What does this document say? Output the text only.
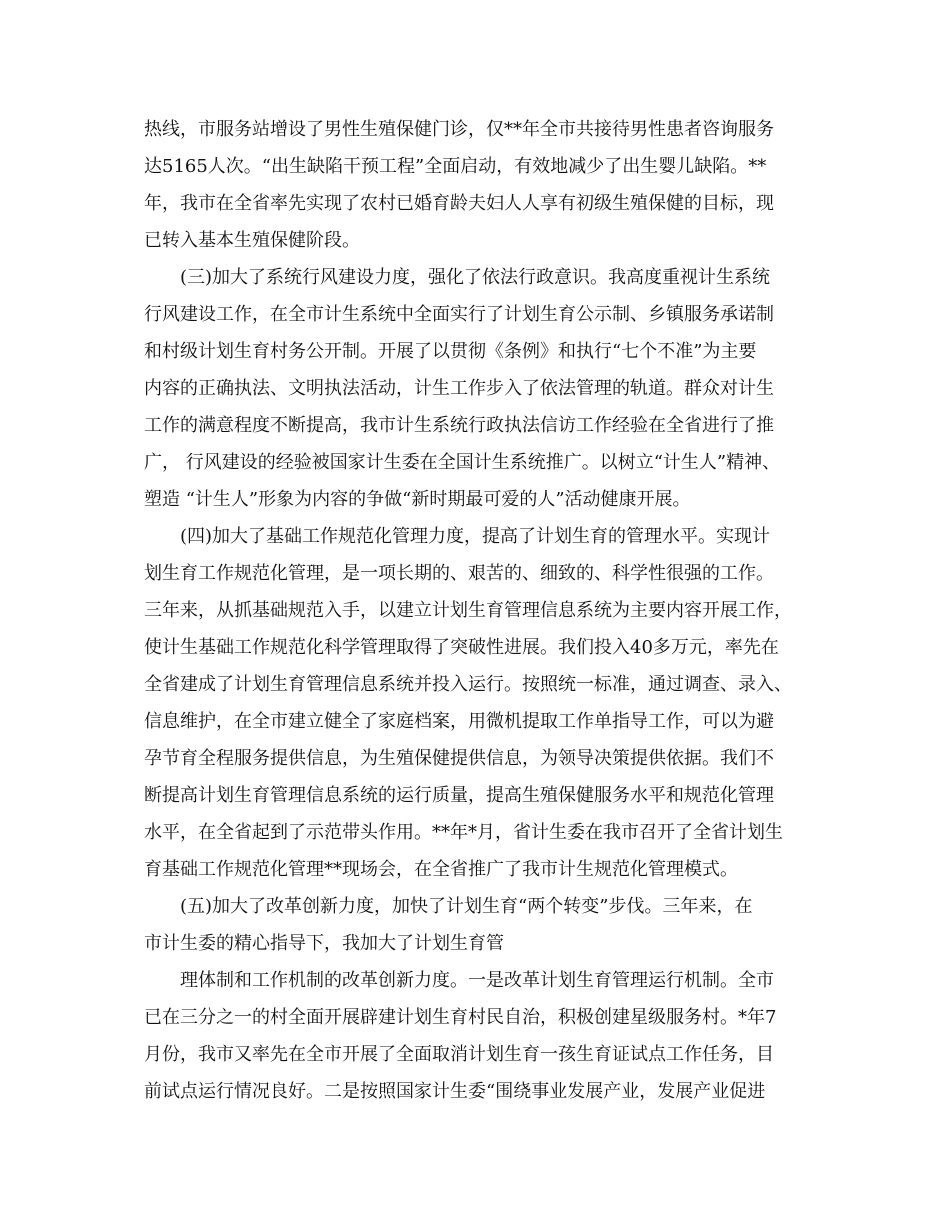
热线，市服务站增设了男性生殖保健门诊，仅**年全市共接待男性患者咨询服务
达5165人次。“出生缺陷干预工程”全面启动，有效地减少了出生婴儿缺陷。**
年，我市在全省率先实现了农村已婚育龄夫妇人人享有初级生殖保健的目标，现
已转入基本生殖保健阶段。
(三)加大了系统行风建设力度，强化了依法行政意识。我高度重视计生系统
行风建设工作，在全市计生系统中全面实行了计划生育公示制、乡镇服务承诺制
和村级计划生育村务公开制。开展了以贯彻《条例》和执行“七个不准”为主要
内容的正确执法、文明执法活动，计生工作步入了依法管理的轨道。群众对计生
工作的满意程度不断提高，我市计生系统行政执法信访工作经验在全省进行了推
广， 行风建设的经验被国家计生委在全国计生系统推广。以树立“计生人”精神、
塑造 “计生人”形象为内容的争做“新时期最可爱的人”活动健康开展。
(四)加大了基础工作规范化管理力度，提高了计划生育的管理水平。实现计
划生育工作规范化管理，是一项长期的、艰苦的、细致的、科学性很强的工作。
三年来，从抓基础规范入手，以建立计划生育管理信息系统为主要内容开展工作，
使计生基础工作规范化科学管理取得了突破性进展。我们投入40多万元，率先在
全省建成了计划生育管理信息系统并投入运行。按照统一标准，通过调查、录入、
信息维护，在全市建立健全了家庭档案，用微机提取工作单指导工作，可以为避
孕节育全程服务提供信息，为生殖保健提供信息，为领导决策提供依据。我们不
断提高计划生育管理信息系统的运行质量，提高生殖保健服务水平和规范化管理
水平，在全省起到了示范带头作用。**年*月，省计生委在我市召开了全省计划生
育基础工作规范化管理**现场会，在全省推广了我市计生规范化管理模式。
(五)加大了改革创新力度，加快了计划生育“两个转变”步伐。三年来，在
市计生委的精心指导下，我加大了计划生育管
理体制和工作机制的改革创新力度。一是改革计划生育管理运行机制。全市
已在三分之一的村全面开展辟建计划生育村民自治，积极创建星级服务村。*年7
月份，我市又率先在全市开展了全面取消计划生育一孩生育证试点工作任务，目
前试点运行情况良好。二是按照国家计生委“围绕事业发展产业，发展产业促进
